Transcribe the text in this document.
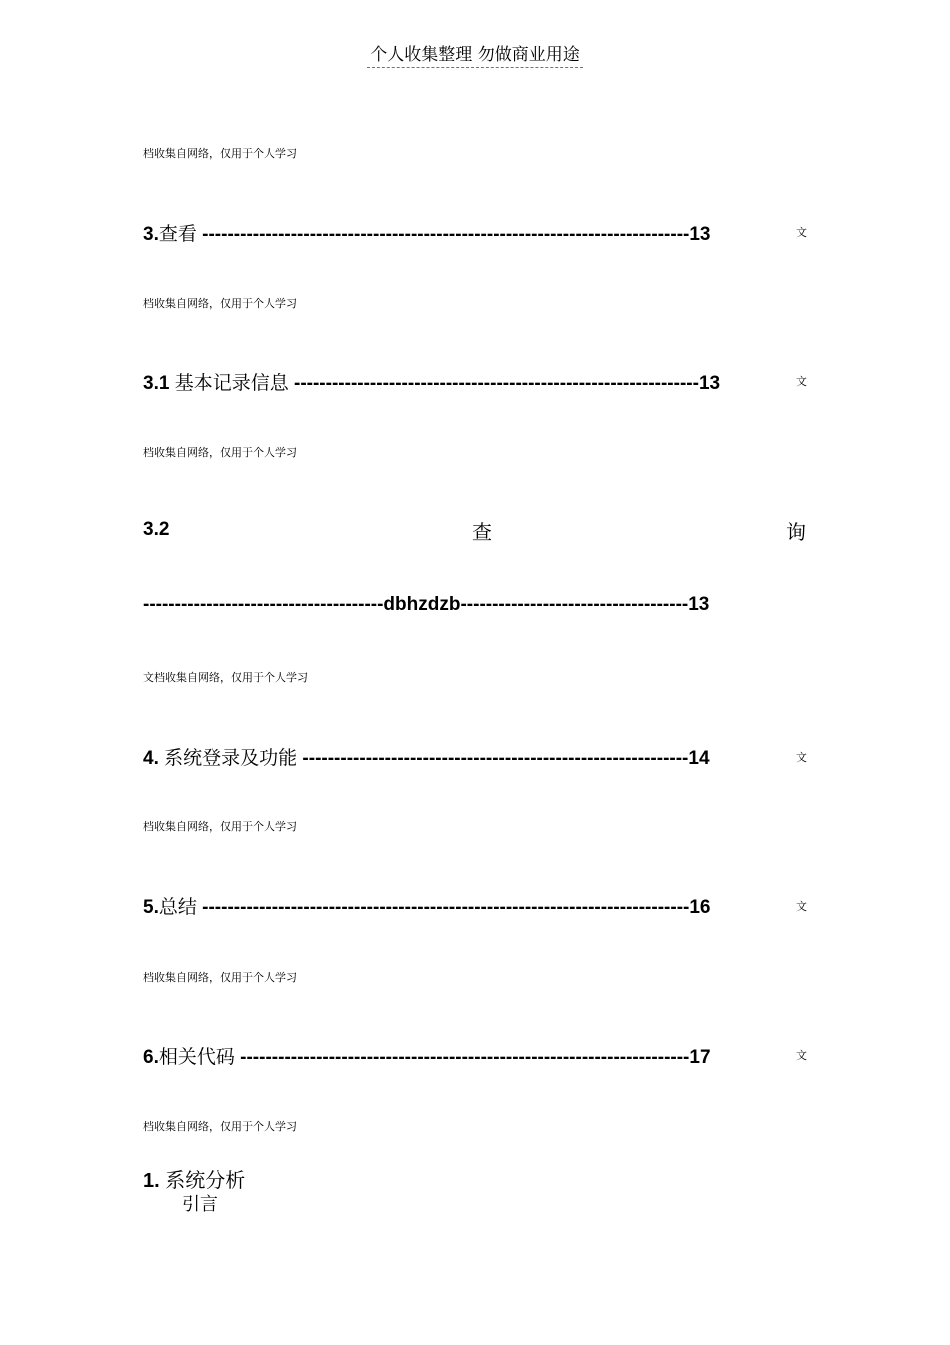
个人收集整理 勿做商业用途
档收集自网络，仅用于个人学习
3.查看 -----------------------------------------------------------------------------13	文
档收集自网络，仅用于个人学习
3.1 基本记录信息 ----------------------------------------------------------------13	文
档收集自网络，仅用于个人学习
3.2	查	询
--------------------------------------dbhzdzb------------------------------------13
文档收集自网络，仅用于个人学习
4. 系统登录及功能 -------------------------------------------------------------14	文
档收集自网络，仅用于个人学习
5.总结 -----------------------------------------------------------------------------16	文
档收集自网络，仅用于个人学习
6.相关代码 -----------------------------------------------------------------------17	文
档收集自网络，仅用于个人学习
1. 系统分析
引言
